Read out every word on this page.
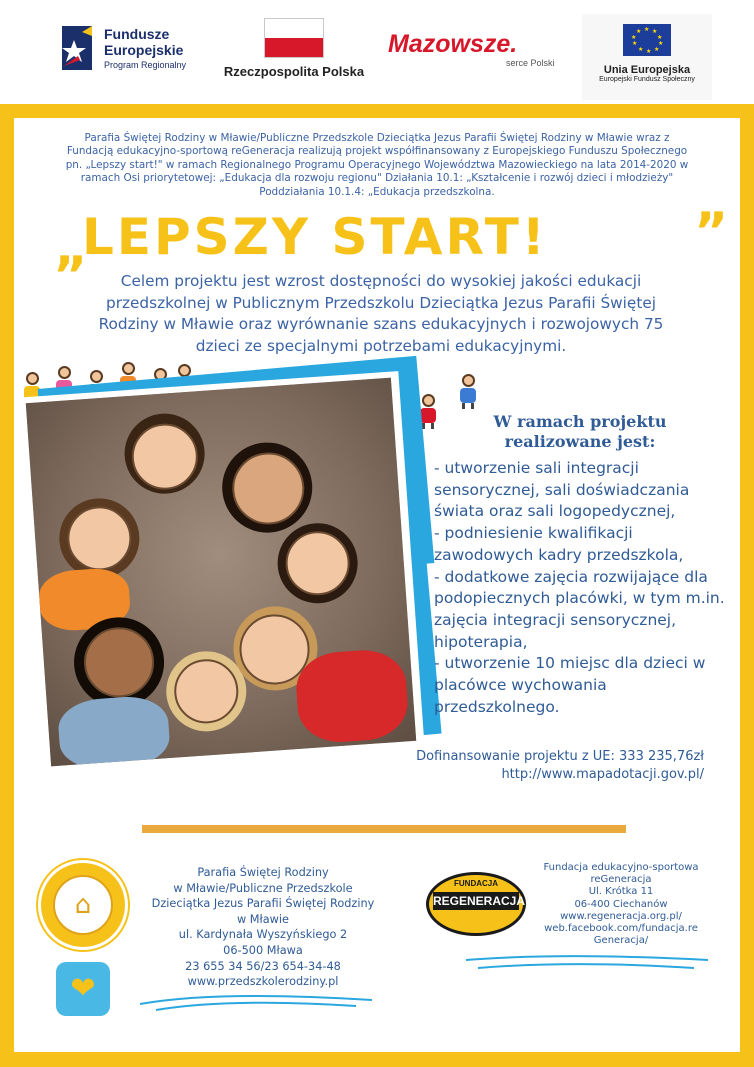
Fundusze
Europejskie
Program Regionalny	Rzeczpospolita Polska
Mazowsze.
serce Polski
★ ★
★
★
★
★
★
★
★
★
Unia Europejska
Europejski Fundusz Społeczny

Parafia Świętej Rodziny w Mławie/Publiczne Przedszkole Dzieciątka Jezus Parafii Świętej Rodziny w Mławie wraz z Fundacją edukacyjno-sportową reGeneracja realizują projekt współfinansowany z Europejskiego Funduszu Społecznego pn. „Lepszy start!" w ramach Regionalnego Programu Operacyjnego Województwa Mazowieckiego na lata 2014-2020 w ramach Osi priorytetowej: „Edukacja dla rozwoju regionu" Działania 10.1: „Kształcenie i rozwój dzieci i młodzieży" Poddziałania 10.1.4: „Edukacja przedszkolna.

„
LEPSZY START!	”

Celem projektu jest wzrost dostępności do wysokiej jakości edukacji przedszkolnej w Publicznym Przedszkolu Dzieciątka Jezus Parafii Świętej Rodziny w Mławie oraz wyrównanie szans edukacyjnych i rozwojowych 75 dzieci ze specjalnymi potrzebami edukacyjnymi.

W ramach projektu
realizowane jest:
- utworzenie sali integracji sensorycznej, sali doświadczania świata oraz sali logopedycznej,
- podniesienie kwalifikacji zawodowych kadry przedszkola,
- dodatkowe zajęcia rozwijające dla podopiecznych placówki, w tym m.in. zajęcia integracji sensorycznej, hipoterapia,
- utworzenie 10 miejsc dla dzieci w placówce wychowania przedszkolnego.
Dofinansowanie projektu z UE: 333 235,76zł
http://www.mapadotacji.gov.pl/
⌂
❤
Parafia Świętej Rodziny
w Mławie/Publiczne Przedszkole
Dzieciątka Jezus Parafii Świętej Rodziny
w Mławie
ul. Kardynała Wyszyńskiego 2
06-500 Mława
23 655 34 56/23 654-34-48
www.przedszkolerodziny.pl
FUNDACJA
REGENERACJA
Fundacja edukacyjno-sportowa
reGeneracja
Ul. Krótka 11
06-400 Ciechanów
www.regeneracja.org.pl/
web.facebook.com/fundacja.re
Generacja/
